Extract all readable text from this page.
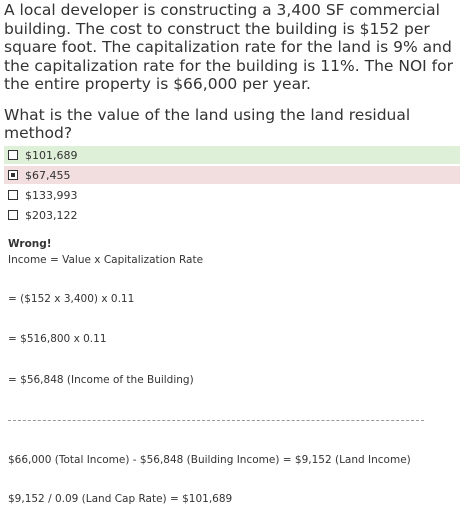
A local developer is constructing a 3,400 SF commercial building. The cost to construct the building is $152 per square foot. The capitalization rate for the land is 9% and the capitalization rate for the building is 11%. The NOI for the entire property is $66,000 per year.
What is the value of the land using the land residual method?
$101,689
$67,455
$133,993
$203,122
Wrong!
Income = Value x Capitalization Rate
= ($152 x 3,400) x 0.11
= $516,800 x 0.11
= $56,848 (Income of the Building)
$66,000 (Total Income) - $56,848 (Building Income) = $9,152 (Land Income)
$9,152 / 0.09 (Land Cap Rate) = $101,689
